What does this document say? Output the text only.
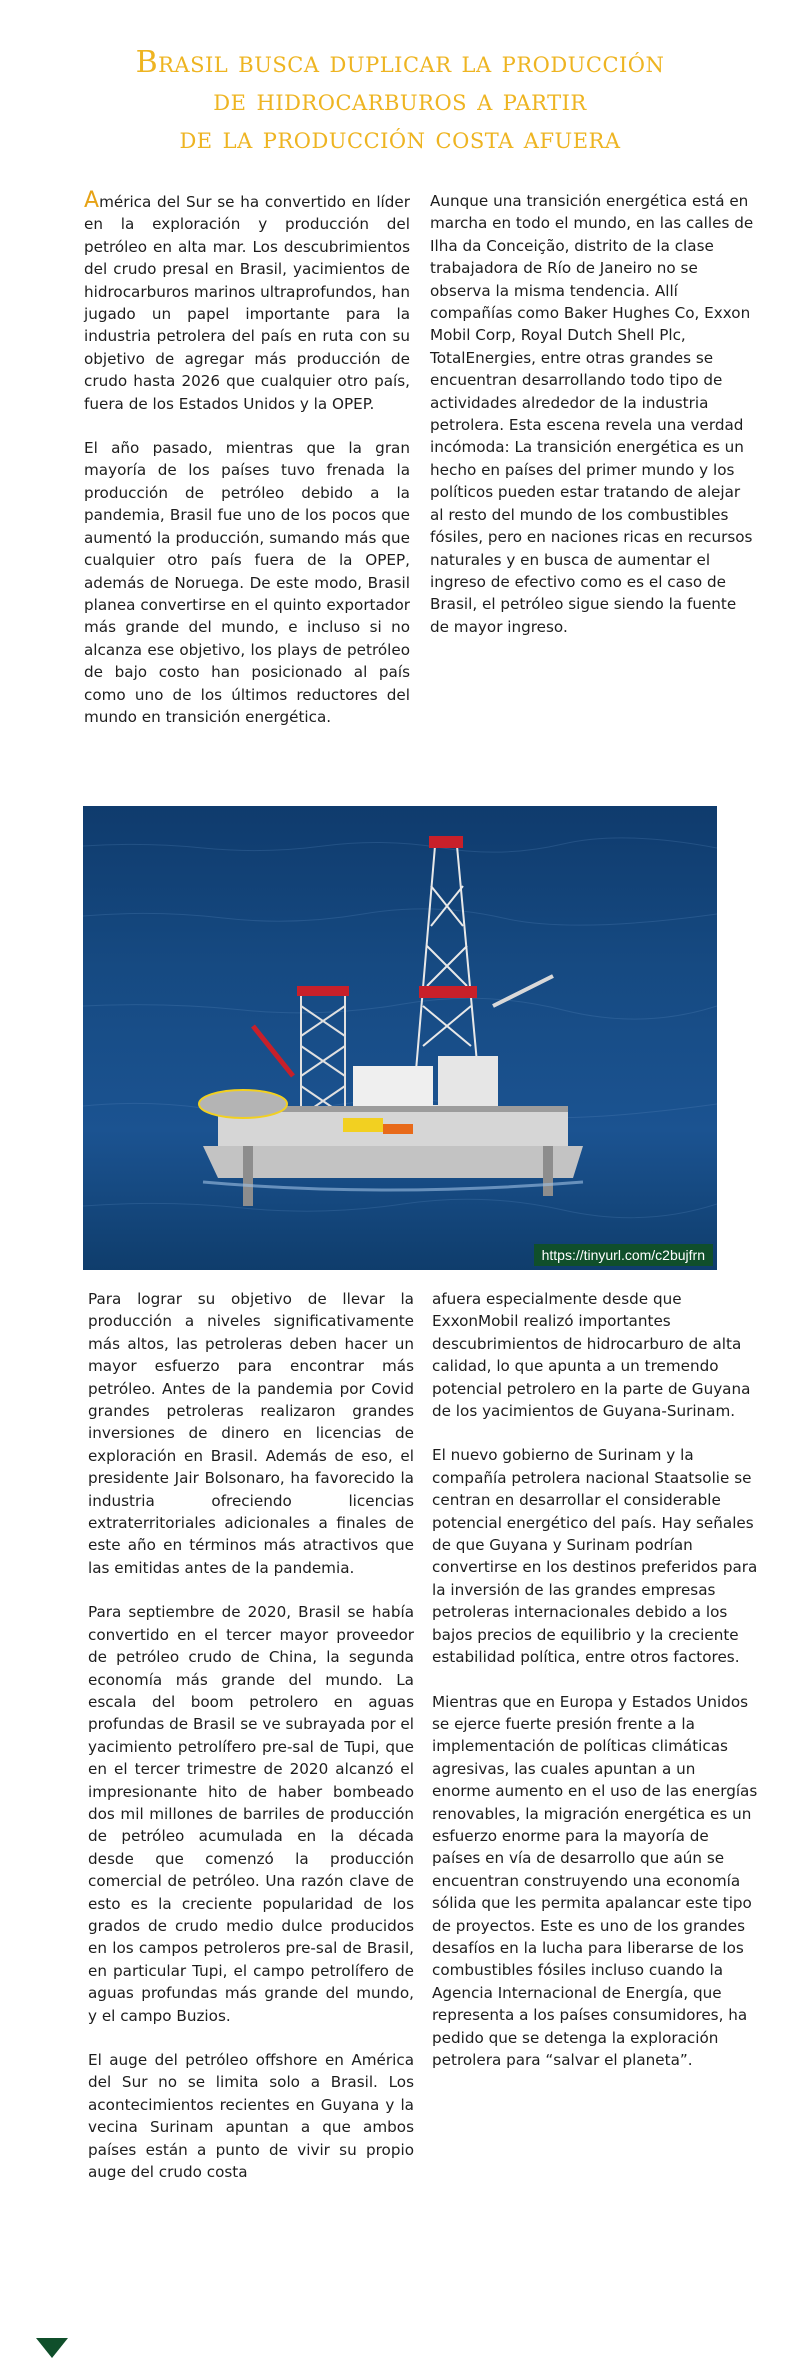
Brasil busca duplicar la producción
de hidrocarburos a partir
de la producción costa afuera

América del Sur se ha convertido en líder en la exploración y producción del petróleo en alta mar. Los descubrimientos del crudo presal en Brasil, yacimientos de hidrocarburos marinos ultraprofundos, han jugado un papel importante para la industria petrolera del país en ruta con su objetivo de agregar más producción de crudo hasta 2026 que cualquier otro país, fuera de los Estados Unidos y la OPEP.

El año pasado, mientras que la gran mayoría de los países tuvo frenada la producción de petróleo debido a la pandemia, Brasil fue uno de los pocos que aumentó la producción, sumando más que cualquier otro país fuera de la OPEP, además de Noruega. De este modo, Brasil planea convertirse en el quinto exportador más grande del mundo, e incluso si no alcanza ese objetivo, los plays de petróleo de bajo costo han posicionado al país como uno de los últimos reductores del mundo en transición energética.

Aunque una transición energética está en marcha en todo el mundo, en las calles de Ilha da Conceição, distrito de la clase trabajadora de Río de Janeiro no se observa la misma tendencia. Allí compañías como Baker Hughes Co, Exxon Mobil Corp, Royal Dutch Shell Plc, TotalEnergies, entre otras grandes se encuentran desarrollando todo tipo de actividades alrededor de la industria petrolera. Esta escena revela una verdad incómoda: La transición energética es un hecho en países del primer mundo y los políticos pueden estar tratando de alejar al resto del mundo de los combustibles fósiles, pero en naciones ricas en recursos naturales y en busca de aumentar el ingreso de efectivo como es el caso de Brasil, el petróleo sigue siendo la fuente de mayor ingreso.

https://tinyurl.com/c2bujfrn

Para lograr su objetivo de llevar la producción a niveles significativamente más altos, las petroleras deben hacer un mayor esfuerzo para encontrar más petróleo. Antes de la pandemia por Covid grandes petroleras realizaron grandes inversiones de dinero en licencias de exploración en Brasil. Además de eso, el presidente Jair Bolsonaro, ha favorecido la industria ofreciendo licencias extraterritoriales adicionales a finales de este año en términos más atractivos que las emitidas antes de la pandemia.

Para septiembre de 2020, Brasil se había convertido en el tercer mayor proveedor de petróleo crudo de China, la segunda economía más grande del mundo. La escala del boom petrolero en aguas profundas de Brasil se ve subrayada por el yacimiento petrolífero pre-sal de Tupi, que en el tercer trimestre de 2020 alcanzó el impresionante hito de haber bombeado dos mil millones de barriles de producción de petróleo acumulada en la década desde que comenzó la producción comercial de petróleo. Una razón clave de esto es la creciente popularidad de los grados de crudo medio dulce producidos en los campos petroleros pre-sal de Brasil, en particular Tupi, el campo petrolífero de aguas profundas más grande del mundo, y el campo Buzios.

El auge del petróleo offshore en América del Sur no se limita solo a Brasil. Los acontecimientos recientes en Guyana y la vecina Surinam apuntan a que ambos países están a punto de vivir su propio auge del crudo costa

afuera especialmente desde que ExxonMobil realizó importantes descubrimientos de hidrocarburo de alta calidad, lo que apunta a un tremendo potencial petrolero en la parte de Guyana de los yacimientos de Guyana-Surinam.

El nuevo gobierno de Surinam y la compañía petrolera nacional Staatsolie se centran en desarrollar el considerable potencial energético del país. Hay señales de que Guyana y Surinam podrían convertirse en los destinos preferidos para la inversión de las grandes empresas petroleras internacionales debido a los bajos precios de equilibrio y la creciente estabilidad política, entre otros factores.

Mientras que en Europa y Estados Unidos se ejerce fuerte presión frente a la implementación de políticas climáticas agresivas, las cuales apuntan a un enorme aumento en el uso de las energías renovables, la migración energética es un esfuerzo enorme para la mayoría de países en vía de desarrollo que aún se encuentran construyendo una economía sólida que les permita apalancar este tipo de proyectos. Este es uno de los grandes desafíos en la lucha para liberarse de los combustibles fósiles incluso cuando la Agencia Internacional de Energía, que representa a los países consumidores, ha pedido que se detenga la exploración petrolera para “salvar el planeta”.
